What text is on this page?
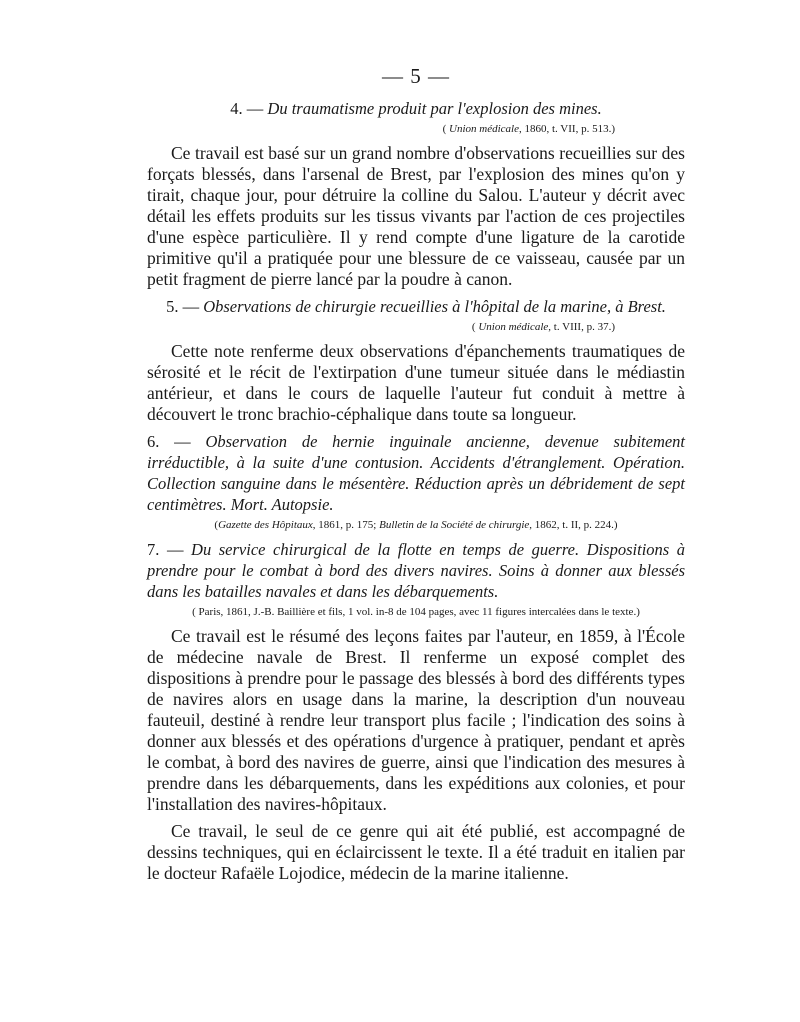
— 5 —

4. — Du traumatisme produit par l'explosion des mines.

( Union médicale, 1860, t. VII, p. 513.)

Ce travail est basé sur un grand nombre d'observations recueillies sur des forçats blessés, dans l'arsenal de Brest, par l'explosion des mines qu'on y tirait, chaque jour, pour détruire la colline du Salou. L'auteur y décrit avec détail les effets produits sur les tissus vivants par l'action de ces projectiles d'une espèce particulière. Il y rend compte d'une ligature de la carotide primitive qu'il a pratiquée pour une blessure de ce vaisseau, causée par un petit fragment de pierre lancé par la poudre à canon.

5. — Observations de chirurgie recueillies à l'hôpital de la marine, à Brest.

( Union médicale, t. VIII, p. 37.)

Cette note renferme deux observations d'épanchements traumatiques de sérosité et le récit de l'extirpation d'une tumeur située dans le médiastin antérieur, et dans le cours de laquelle l'auteur fut conduit à mettre à découvert le tronc brachio-céphalique dans toute sa longueur.

6. — Observation de hernie inguinale ancienne, devenue subitement irréductible, à la suite d'une contusion. Accidents d'étranglement. Opération. Collection sanguine dans le mésentère. Réduction après un débridement de sept centimètres. Mort. Autopsie.

(Gazette des Hôpitaux, 1861, p. 175; Bulletin de la Société de chirurgie, 1862, t. II, p. 224.)

7. — Du service chirurgical de la flotte en temps de guerre. Dispositions à prendre pour le combat à bord des divers navires. Soins à donner aux blessés dans les batailles navales et dans les débarquements.

( Paris, 1861, J.-B. Baillière et fils, 1 vol. in-8 de 104 pages, avec 11 figures intercalées dans le texte.)

Ce travail est le résumé des leçons faites par l'auteur, en 1859, à l'École de médecine navale de Brest. Il renferme un exposé complet des dispositions à prendre pour le passage des blessés à bord des différents types de navires alors en usage dans la marine, la description d'un nouveau fauteuil, destiné à rendre leur transport plus facile ; l'indication des soins à donner aux blessés et des opérations d'urgence à pratiquer, pendant et après le combat, à bord des navires de guerre, ainsi que l'indication des mesures à prendre dans les débarquements, dans les expéditions aux colonies, et pour l'installation des navires-hôpitaux.

Ce travail, le seul de ce genre qui ait été publié, est accompagné de dessins techniques, qui en éclaircissent le texte. Il a été traduit en italien par le docteur Rafaële Lojodice, médecin de la marine italienne.
